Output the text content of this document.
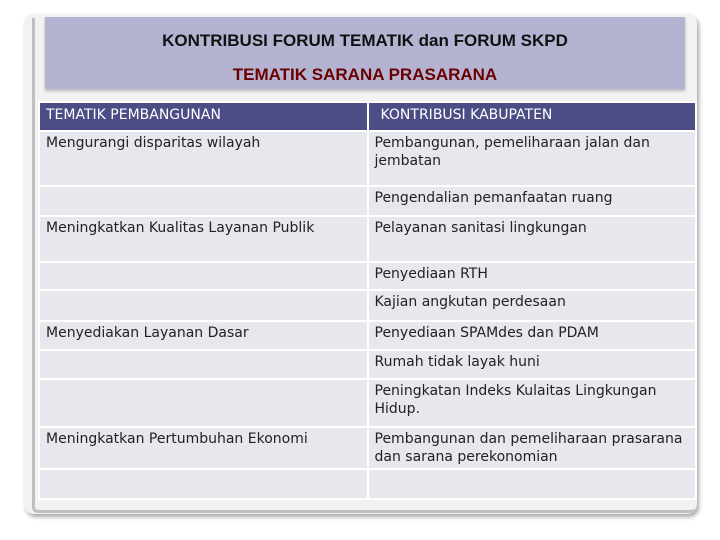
KONTRIBUSI FORUM TEMATIK dan FORUM SKPD
TEMATIK SARANA PRASARANA
TEMATIK PEMBANGUNAN	KONTRIBUSI KABUPATEN
Mengurangi disparitas wilayah	Pembangunan, pemeliharaan jalan dan jembatan
	Pengendalian pemanfaatan ruang
Meningkatkan Kualitas Layanan Publik	Pelayanan sanitasi lingkungan
	Penyediaan RTH
	Kajian angkutan perdesaan
Menyediakan Layanan Dasar	Penyediaan SPAMdes dan PDAM
	Rumah tidak layak huni
	Peningkatan Indeks Kulaitas Lingkungan Hidup.
Meningkatkan Pertumbuhan Ekonomi	Pembangunan dan pemeliharaan prasarana dan sarana perekonomian
